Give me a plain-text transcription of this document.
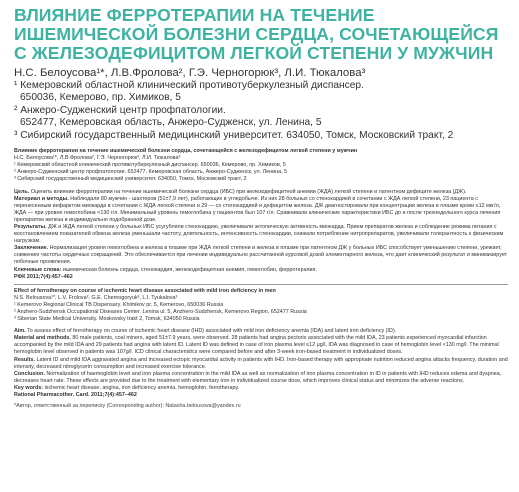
ВЛИЯНИЕ ФЕРРОТЕРАПИИ НА ТЕЧЕНИЕ
ИШЕМИЧЕСКОЙ БОЛЕЗНИ СЕРДЦА, СОЧЕТАЮЩЕЙСЯ
С ЖЕЛЕЗОДЕФИЦИТОМ ЛЕГКОЙ СТЕПЕНИ У МУЖЧИН
Н.С. Белоусова¹*, Л.В.Фролова², Г.Э. Черногорюк³, Л.И. Тюкалова³
¹ Кемеровский областной клинический противотуберкулезный диспансер.
650036, Кемерово, пр. Химиков, 5
² Анжеро-Судженский центр профпатологии.
652477, Кемеровская область, Анжеро-Судженск, ул. Ленина, 5
³ Сибирский государственный медицинский университет. 634050, Томск, Московский тракт, 2

Влияние ферротерапии на течение ишемической болезни сердца, сочетающейся с железодефицитом легкой степени у мужчин

Н.С. Белоусова¹*, Л.В.Фролова², Г.Э. Черногорюк³, Л.И. Тюкалова³

¹ Кемеровский областной клинический противотуберкулезный диспансер. 650036, Кемерово, пр. Химиков, 5

² Анжеро-Судженский центр профпатологии. 652477, Кемеровская область, Анжеро-Судженск, ул. Ленина, 5

³ Сибирский государственный медицинский университет. 634050, Томск, Московский тракт, 2

Цель. Оценить влияние ферротерапии на течение ишемической болезни сердца (ИБС) при железодефицитной анемии (ЖДА) легкой степени и латентном дефиците железа (ДЖ).

Материал и методы. Наблюдали 80 мужчин - шахтеров (51±7,9 лет), работающих в угледобыче. Из них 28 больных со стенокардией в сочетании с ЖДА легкой степени, 23 пациента с перенесенным инфарктом миокарда в сочетании с ЖДА легкой степени и 29 — со стенокардией и дефицитом железа. ДЖ диагностировали при концентрации железа в плазме крови ≤12 мкг/л, ЖДА — при уровне гемоглобина <130 г/л. Минимальный уровень гемоглобина у пациентов был 107 г/л. Сравнивали клинические характеристики ИБС до и после трехнедельного курса лечения препаратом железа в индивидуально подобранной дозе.

Результаты. ДЖ и ЖДА легкой степени у больных ИБС усугубляли стенокардию, увеличивали эктопическую активность миокарда. Прием препаратов железа и соблюдение режима питания с восстановлением показателей обмена железа уменьшали частоту, длительность, интенсивность стенокардии, снижали потребление нитропрепаратов, увеличивали толерантность к физическим нагрузкам.

Заключение. Нормализация уровня гемоглобина и железа в плазме при ЖДА легкой степени и железа в плазме при латентном ДЖ у больных ИБС способствует уменьшению степени, урежает, снижению частоты сердечных сокращений. Это обеспечивается при лечении индивидуально рассчитанной курсовой дозой элементарного железа, что дает клинический результат и минимизирует побочные проявления.

Ключевые слова: ишемическая болезнь сердца, стенокардия, железодефицитная анемия, гемоглобин, ферротерапия.

РФК 2011;7(4):457–462

Effect of ferrotherapy on course of ischemic heart disease associated with mild iron deficiency in men

N.S. Belousova¹*, L.V. Frolova², G.E. Chernogoryuk³, L.I. Tyukalova³

¹ Kemerovo Regional Clinical TB Dispensary. Khimikov pr. 5, Kemerovo, 650036 Russia

² Anzhero-Sudzhensk Occupational Diseases Center. Lenina ul. 5, Anzhero-Sudzhensk, Kemerovo Region, 652477 Russia

³ Siberian State Medical University. Moskovsky trakt 2, Tomsk, 634050 Russia

Aim. To assess effect of ferrotherapy on course of ischemic heart disease (IHD) associated with mild iron deficiency anemia (IDA) and latent iron deficiency (ID).

Material and methods. 80 male patients, coal miners, aged 51±7.9 years, were observed. 28 patients had angina pectoris associated with the mild IDA, 23 patients experienced myocardial infarction accompanied by the mild IDA and 29 patients had angina with latent ID. Latent ID was defined in case of iron plasma level ≤12 μg/l, IDA was diagnosed in case of hemoglobin level <130 mg/l. The minimal hemoglobin level observed in patients was 107g/l. ICD clinical characteristics were compared before and after 3-week iron-based treatment in individualized doses.

Results. Latent ID and mild IDA aggravated angina and increased ectopic myocardial activity in patients with IHD. Iron-based therapy with appropriate nutrition reduced angina attacks frequency, duration and intensity, decreased nitroglycerin consumption and increased exercise tolerance.

Conclusion. Normalization of haemoglobin level and iron plasma concentration in the mild IDA as well as normalization of iron plasma concentration in ID in patients with IHD reduces edema and dyspnea, decreases heart rate. These effects are provided due to the treatment with elementary iron in individualized course dose, which improves clinical status and minimizes the adverse reactions.

Key words: ischemic heart disease, angina, iron deficiency anemia, hemoglobin, ferrotherapy.

Rational Pharmacother. Card. 2011;7(4):457–462

*Автор, ответственный за переписку (Corresponding author): Natasha.belousova@yandex.ru
